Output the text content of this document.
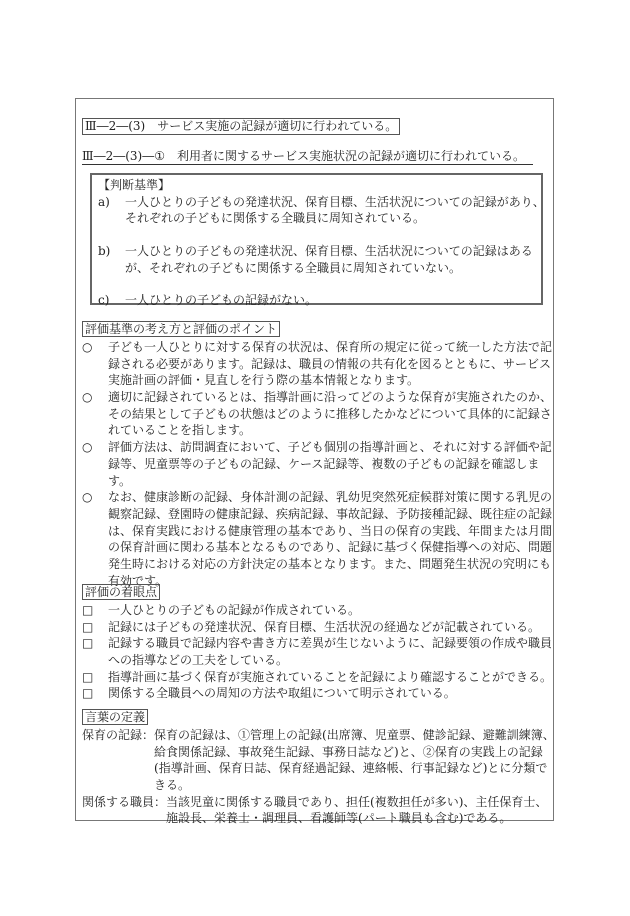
Ⅲ―2―(3)　サービス実施の記録が適切に行われている。
Ⅲ―2―(3)―①　利用者に関するサービス実施状況の記録が適切に行われている。
【判断基準】
a)	一人ひとりの子どもの発達状況、保育目標、生活状況についての記録があり、
それぞれの子どもに関係する全職員に周知されている。
b)	一人ひとりの子どもの発達状況、保育目標、生活状況についての記録はある
が、それぞれの子どもに関係する全職員に周知されていない。
c)	一人ひとりの子どもの記録がない。
評価基準の考え方と評価のポイント
○	子ども一人ひとりに対する保育の状況は、保育所の規定に従って統一した方法で記
録される必要があります。記録は、職員の情報の共有化を図るとともに、サービス
実施計画の評価・見直しを行う際の基本情報となります。
○	適切に記録されているとは、指導計画に沿ってどのような保育が実施されたのか、
その結果として子どもの状態はどのように推移したかなどについて具体的に記録さ
れていることを指します。
○	評価方法は、訪問調査において、子ども個別の指導計画と、それに対する評価や記
録等、児童票等の子どもの記録、ケース記録等、複数の子どもの記録を確認しま
す。
○	なお、健康診断の記録、身体計測の記録、乳幼児突然死症候群対策に関する乳児の
観察記録、登園時の健康記録、疾病記録、事故記録、予防接種記録、既往症の記録
は、保育実践における健康管理の基本であり、当日の保育の実践、年間または月間
の保育計画に関わる基本となるものであり、記録に基づく保健指導への対応、問題
発生時における対応の方針決定の基本となります。また、問題発生状況の究明にも
有効です。
評価の着眼点
□	一人ひとりの子どもの記録が作成されている。
□	記録には子どもの発達状況、保育目標、生活状況の経過などが記載されている。
□	記録する職員で記録内容や書き方に差異が生じないように、記録要領の作成や職員
への指導などの工夫をしている。
□	指導計画に基づく保育が実施されていることを記録により確認することができる。
□	関係する全職員への周知の方法や取組について明示されている。
言葉の定義
保育の記録： 保育の記録は、①管理上の記録(出席簿、児童票、健診記録、避難訓練簿、
給食関係記録、事故発生記録、事務日誌など)と、②保育の実践上の記録
(指導計画、保育日誌、保育経過記録、連絡帳、行事記録など)とに分類で
きる。
関係する職員： 当該児童に関係する職員であり、担任(複数担任が多い)、主任保育士、
施設長、栄養士・調理員、看護師等(パート職員も含む)である。
